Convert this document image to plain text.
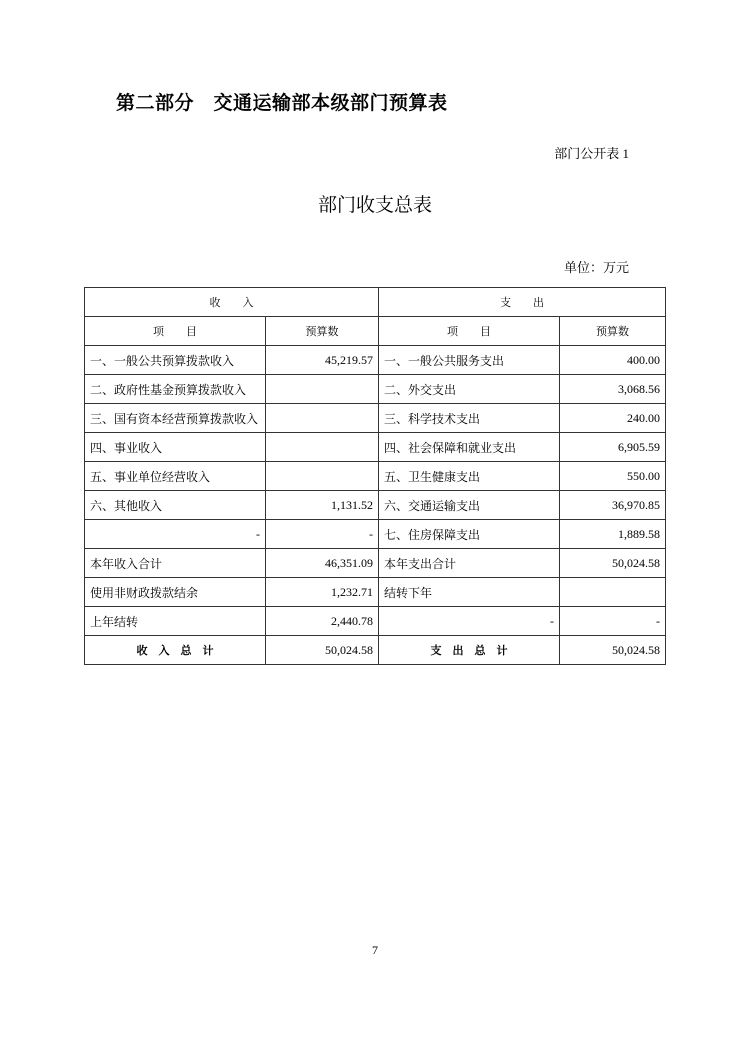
第二部分　交通运输部本级部门预算表
部门公开表 1
部门收支总表
单位：万元
收　　入		支　　出	
项　　目	预算数	项　　目	预算数
一、一般公共预算拨款收入	45,219.57	一、一般公共服务支出	400.00
二、政府性基金预算拨款收入		二、外交支出	3,068.56
三、国有资本经营预算拨款收入		三、科学技术支出	240.00
四、事业收入		四、社会保障和就业支出	6,905.59
五、事业单位经营收入		五、卫生健康支出	550.00
六、其他收入	1,131.52	六、交通运输支出	36,970.85
-	-	七、住房保障支出	1,889.58
本年收入合计	46,351.09	本年支出合计	50,024.58
使用非财政拨款结余	1,232.71	结转下年	
上年结转	2,440.78	-	-
收　入　总　计	50,024.58	支　出　总　计	50,024.58
7
